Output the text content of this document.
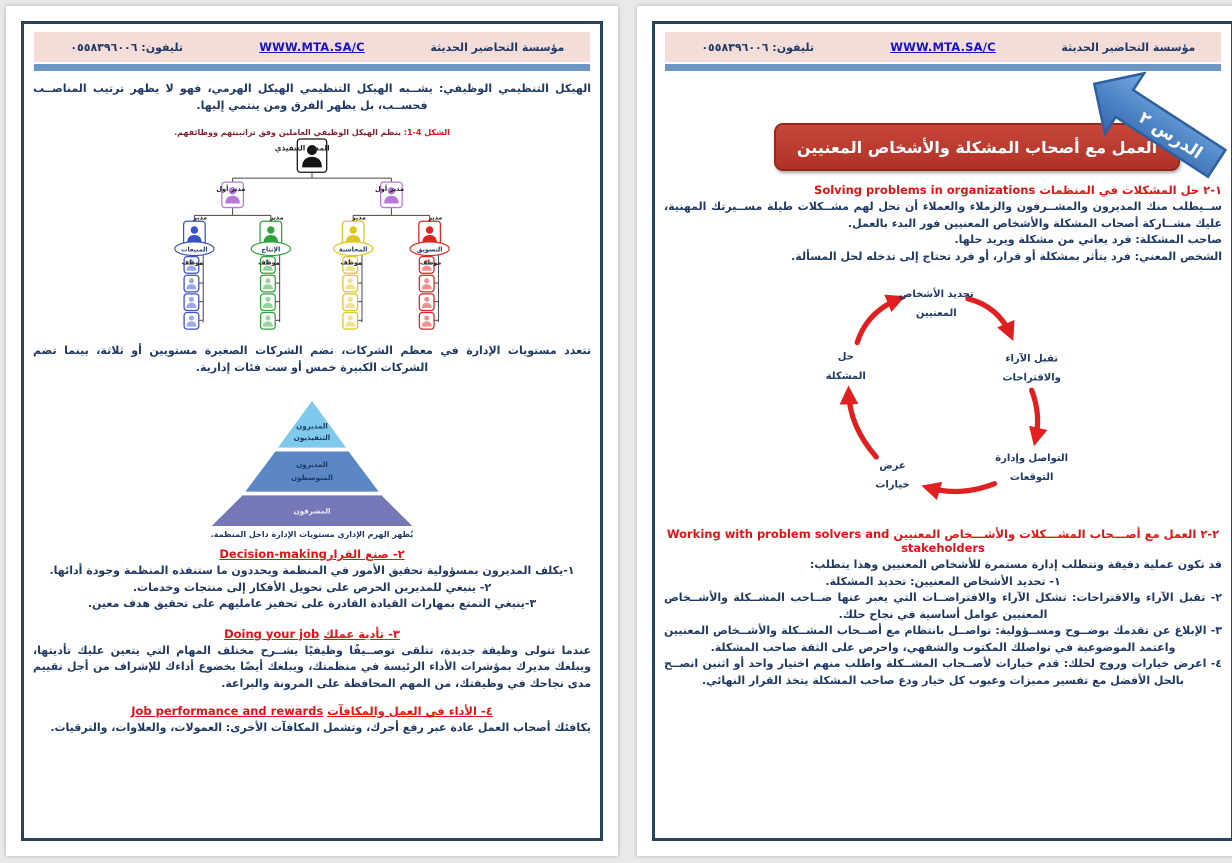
مؤسسة التحاضير الحديثة
WWW.MTA.SA/C
تليفون: ٠٥٥٨٣٩٦٠٠٦
الهيكل التنظيمي الوظيفي: يشــبه الهيكل التنظيمي الهيكل الهرمي، فهو لا يظهر ترتيب المناصــب فحســب، بل يظهر الفرق ومن ينتمي إليها.
الشكل 4-1: ينظم الهيكل الوظيفي العاملين وفق تراتبيتهم ووظائفهم.
المدير التنفيذي
مدير أول	مدير أول
مدير
المبيعات
موظف
مدير
الإنتاج
موظف
مدير
المحاسبة
موظف
مدير
التسويق
موظف
تتعدد مستويات الإدارة في معظم الشركات، تضم الشركات الصغيرة مستويين أو ثلاثة، بينما تضم الشركات الكبيرة خمس أو ست فئات إدارية.
المديرون
التنفيذيون
المديرون
المتوسطون
المشرفون
يُظهر الهرم الإداري مستويات الإدارة داخل المنظمة.
٢- صنع القرارDecision-making
١-يكلف المديرون بمسؤولية تحقيق الأمور في المنظمة ويحددون ما ستنفذه المنظمة وجودة أدائها.
٢- ينبغي للمديرين الحرص على تحويل الأفكار إلى منتجات وخدمات.
٣-ينبغي التمتع بمهارات القيادة القادرة على تحفيز عامليهم على تحقيق هدف معين.
٣- تأدية عملك Doing your job
عندما تتولى وظيفة جديدة، تتلقى توصــيفًا وظيفيًا يشــرح مختلف المهام التي يتعين عليك تأديتها، ويبلغك مديرك بمؤشرات الأداء الرئيسة في منظمتك، ويبلغك أيضًا بخضوع أداءك للإشراف من أجل تقييم مدى نجاحك في وظيفتك، من المهم المحافظة على المرونة والبراعة.
٤- الأداء في العمل والمكافآت Job performance and rewards
يكافئك أصحاب العمل عادة عبر رفع أجرك، وتشمل المكافآت الأخرى: العمولات، والعلاوات، والترقيات.
مؤسسة التحاضير الحديثة
WWW.MTA.SA/C
تليفون: ٠٥٥٨٣٩٦٠٠٦
الدرس ٢
العمل مع أصحاب المشكلة والأشخاص المعنيين
١-٢ حل المشكلات في المنظمات Solving problems in organizations
ســيطلب منك المديرون والمشــرفون والزملاء والعملاء أن تحل لهم مشــكلات طيلة مســيرتك المهنية، عليك مشــاركة أصحاب المشكلة والأشخاص المعنيين فور البدء بالعمل.
صاحب المشكلة: فرد يعاني من مشكلة ويريد حلها.
الشخص المعني: فرد يتأثر بمشكلة أو قرار، أو فرد تحتاج إلى تدخله لحل المسألة.
تحديد الأشخاص
المعنيين
تقبل الآراء
والاقتراحات
التواصل وإدارة
التوقعات
عرض
خيارات
حل
المشكلة
٢-٢ العمل مع أصـــحاب المشـــكلات والأشـــخاص المعنيين Working with problem solvers and stakeholders
قد تكون عملية دقيقة وتتطلب إدارة مستمرة للأشخاص المعنيين وهذا يتطلب:
١- تحديد الأشخاص المعنيين: تحديد المشكلة.
٢- تقبل الآراء والاقتراحات: تشكل الآراء والافتراضــات التي يعبر عنها صــاحب المشــكلة والأشــخاص المعنيين عوامل أساسية في نجاح حلك.
٣- الإبلاغ عن تقدمك بوضــوح ومســؤولية: تواصــل بانتظام مع أصــحاب المشــكلة والأشــخاص المعنيين واعتمد الموضوعية في تواصلك المكتوب والشفهي، واحرص على الثقة صاحب المشكلة.
٤- اعرض خيارات وروج لحلك: قدم خيارات لأصــحاب المشــكلة واطلب منهم اختيار واحد أو اثنين انصــح بالحل الأفضل مع تفسير مميزات وعيوب كل خيار ودع صاحب المشكلة يتخذ القرار النهائي.
